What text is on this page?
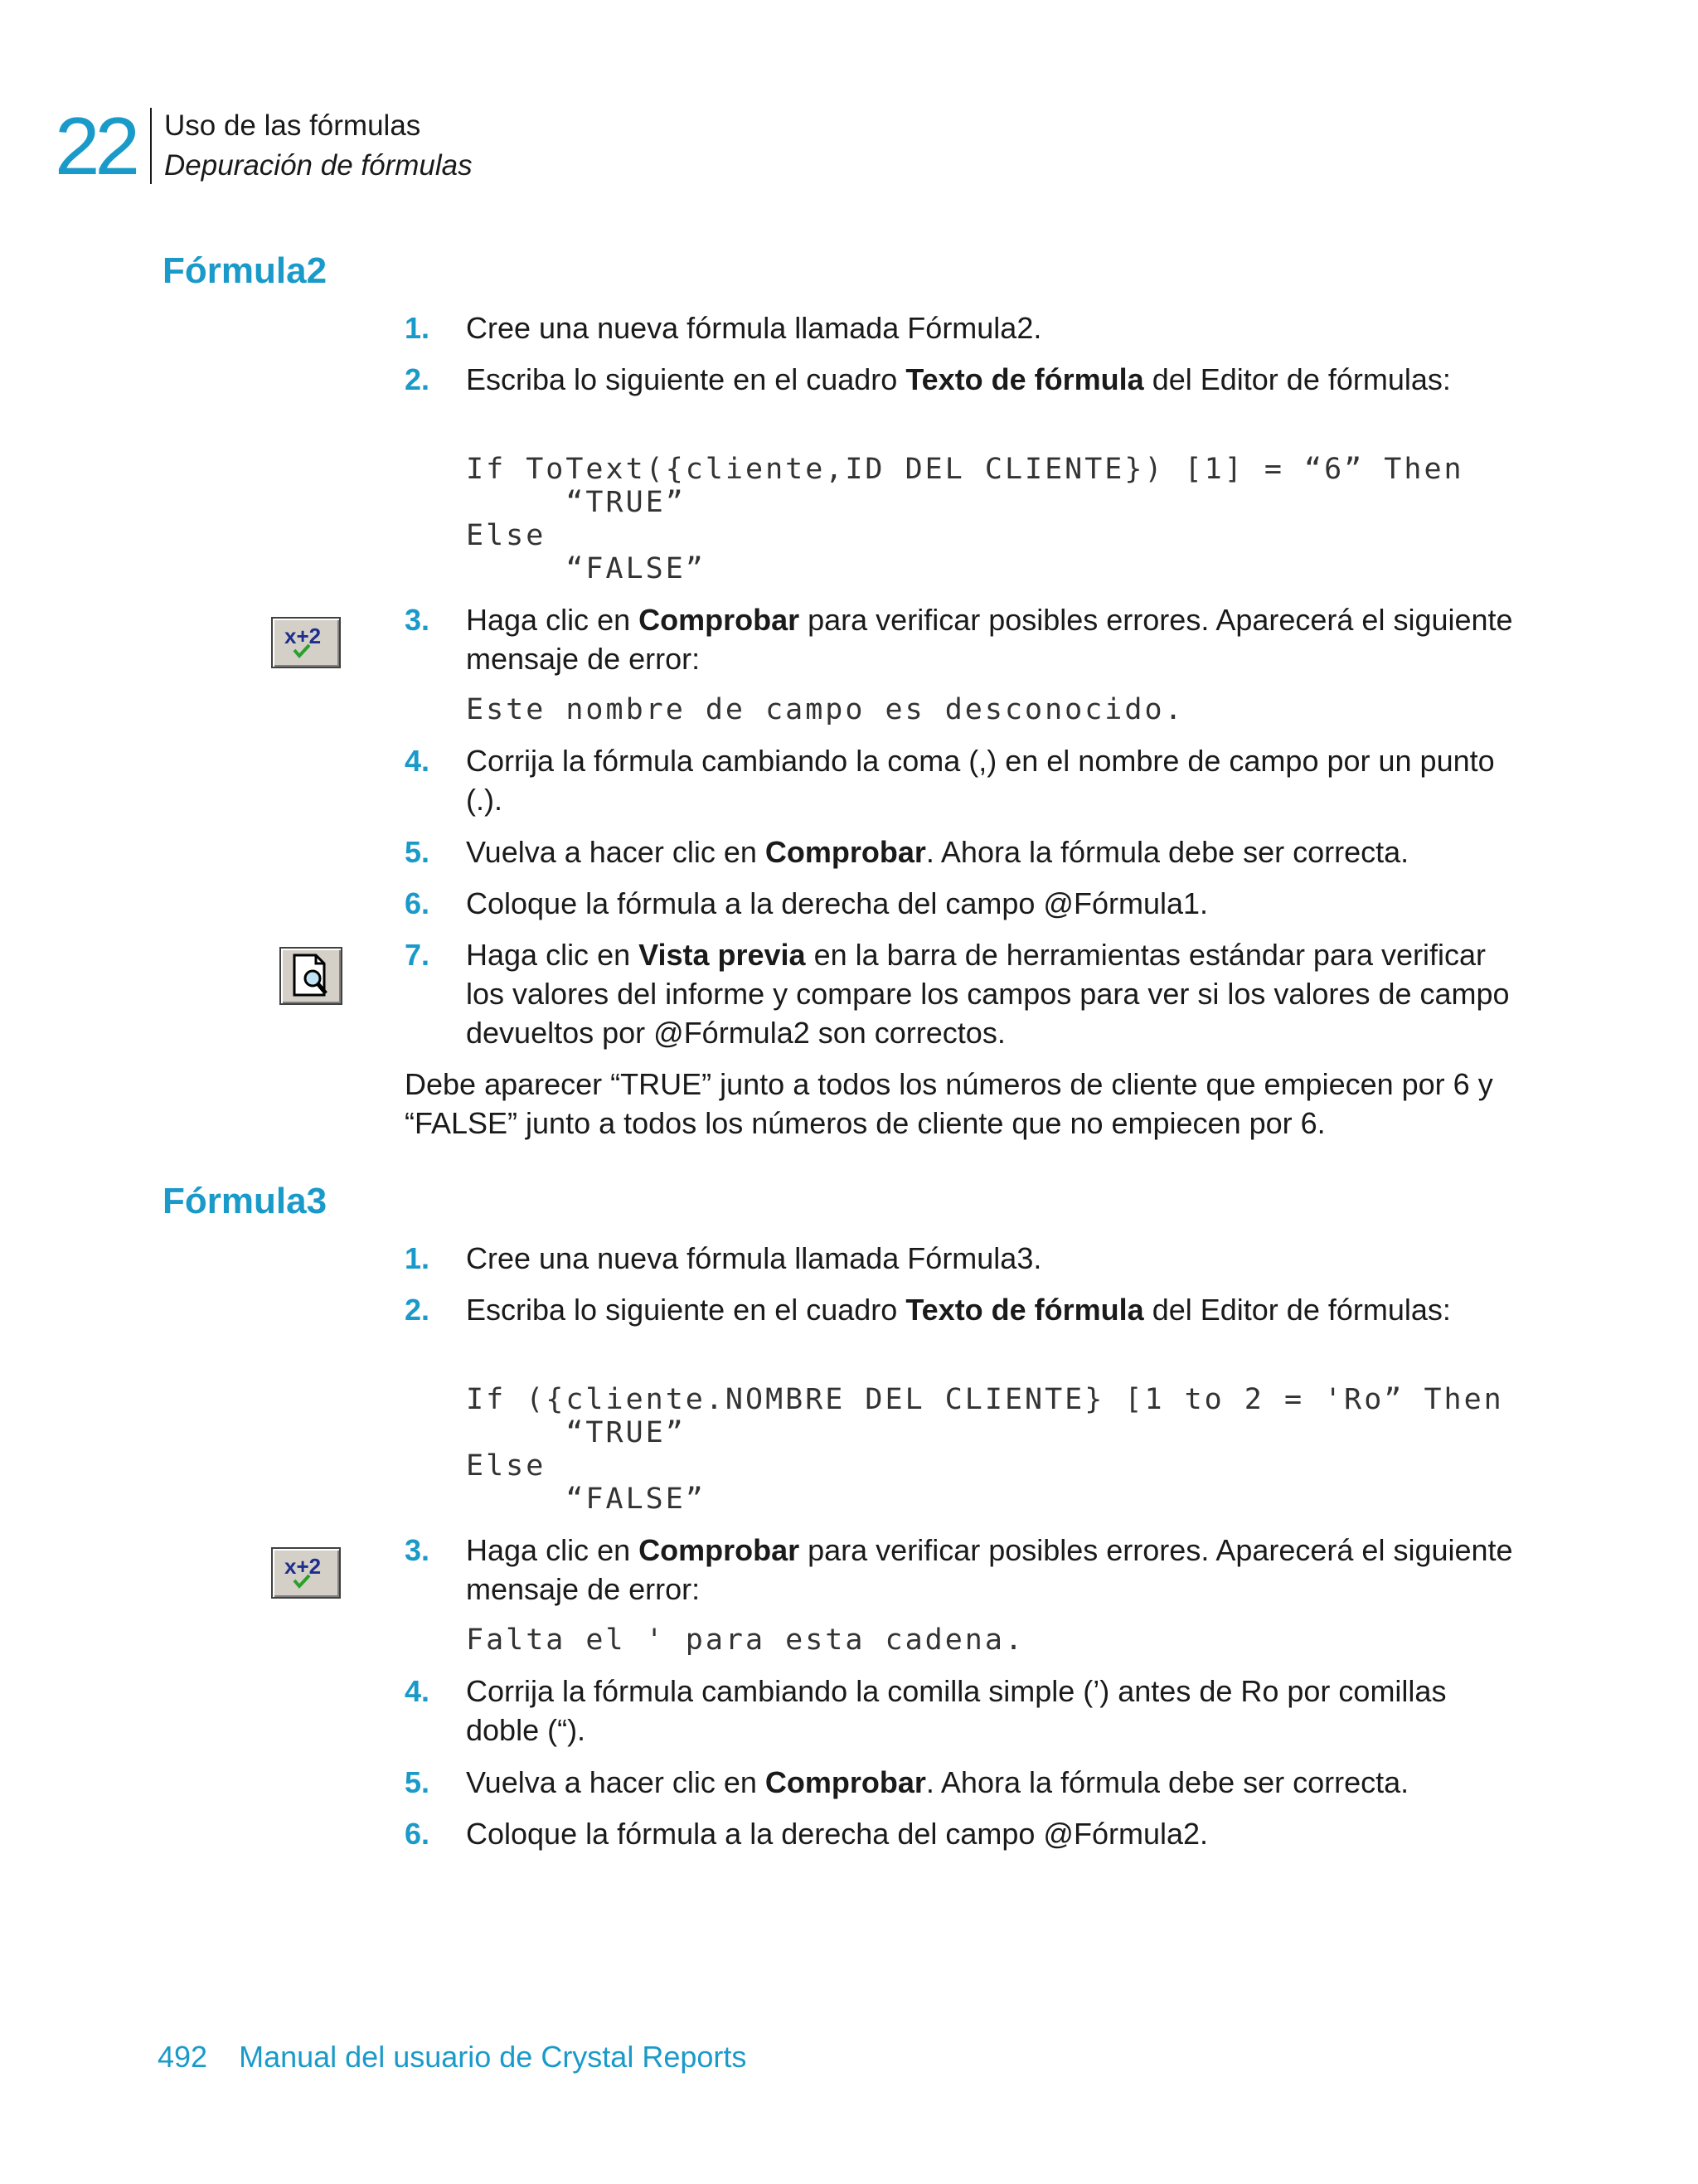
22 Uso de las fórmulas
Depuración de fórmulas
Fórmula2
1. Cree una nueva fórmula llamada Fórmula2.
2. Escriba lo siguiente en el cuadro Texto de fórmula del Editor de fórmulas:
If ToText({cliente,ID DEL CLIENTE}) [1] = “6” Then
“TRUE”
Else
“FALSE”
x+2	3. Haga clic en Comprobar para verificar posibles errores. Aparecerá el siguiente mensaje de error:
Este nombre de campo es desconocido.
4. Corrija la fórmula cambiando la coma (,) en el nombre de campo por un punto (.).
5. Vuelva a hacer clic en Comprobar. Ahora la fórmula debe ser correcta.
6. Coloque la fórmula a la derecha del campo @Fórmula1.
7. Haga clic en Vista previa en la barra de herramientas estándar para verificar los valores del informe y compare los campos para ver si los valores de campo devueltos por @Fórmula2 son correctos.
Debe aparecer “TRUE” junto a todos los números de cliente que empiecen por 6 y “FALSE” junto a todos los números de cliente que no empiecen por 6.
Fórmula3
1. Cree una nueva fórmula llamada Fórmula3.
2. Escriba lo siguiente en el cuadro Texto de fórmula del Editor de fórmulas:
If ({cliente.NOMBRE DEL CLIENTE} [1 to 2 = 'Ro” Then
“TRUE”
Else
“FALSE”
x+2	3. Haga clic en Comprobar para verificar posibles errores. Aparecerá el siguiente mensaje de error:
Falta el ' para esta cadena.
4. Corrija la fórmula cambiando la comilla simple (’) antes de Ro por comillas doble (“).
5. Vuelva a hacer clic en Comprobar. Ahora la fórmula debe ser correcta.
6. Coloque la fórmula a la derecha del campo @Fórmula2.
492 Manual del usuario de Crystal Reports
